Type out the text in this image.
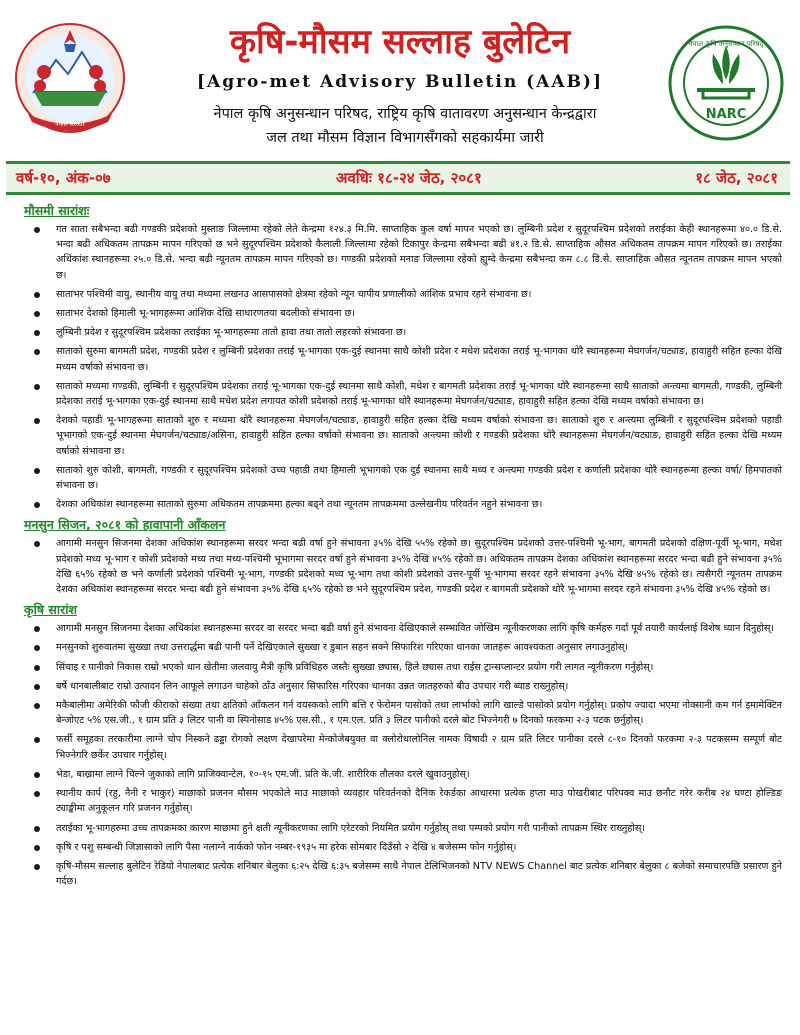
नेपाल सरकार
कृषि-मौसम सल्लाह बुलेटिन
[Agro-met Advisory Bulletin (AAB)]
नेपाल कृषि अनुसन्धान परिषद, राष्ट्रिय कृषि वातावरण अनुसन्धान केन्द्रद्वारा
जल तथा मौसम विज्ञान विभागसँगको सहकार्यमा जारी
नेपाल कृषि अनुसन्धान परिषद्
NARC
वर्ष-१०, अंक-०७	अवधिः १८-२४ जेठ, २०८१	१८ जेठ, २०८१
मौसमी सारांशः
गत साता सबैभन्दा बढी गण्डकी प्रदेशको मुस्ताङ जिल्लामा रहेको लेते केन्द्रमा १२४.३ मि.मि. साप्ताहिक कुल वर्षा मापन भएको छ। लुम्बिनी प्रदेश र सुदूरपश्चिम प्रदेशको तराईका केही स्थानहरूमा ४०.० डि.से. भन्दा बढी अधिकतम तापक्रम मापन गरिएको छ भने सुदूरपश्चिम प्रदेशको कैलाली जिल्लामा रहेको टिकापुर केन्द्रमा सबैभन्दा बढी ४१.२ डि.से. साप्ताहिक औसत अधिकतम तापक्रम मापन गरिएको छ। तराईका अधिकांश स्थानहरूमा २५.० डि.से. भन्दा बढी न्यूनतम तापक्रम मापन गरिएको छ। गण्डकी प्रदेशको मनाङ जिल्लामा रहेको ह्युम्दे केन्द्रमा सबैभन्दा कम ८.८ डि.से. साप्ताहिक औसत न्यूनतम तापक्रम मापन भएको छ।
साताभर पश्चिमी वायु, स्थानीय वायु तथा मध्यमा लखनउ आसपासको क्षेत्रमा रहेको न्यून चापीय प्रणालीको आंशिक प्रभाव रहने संभावना छ।
साताभर देशको हिमाली भू-भागहरूमा आंशिक देखि साधारणतया बदलीको संभावना छ।
लुम्बिनी प्रदेश र सुदूरपश्चिम प्रदेशका तराईका भू-भागहरूमा तातो हावा तथा तातो लहरको संभावना छ।
साताको सुरुमा बागमती प्रदेश, गण्डकी प्रदेश र लुम्बिनी प्रदेशका तराई भू-भागका एक-दुई स्थानमा साथै कोशी प्रदेश र मधेश प्रदेशका तराई भू-भागका थोरै स्थानहरूमा मेघगर्जन/चट्याङ, हावाहुरी सहित हल्का देखि मध्यम वर्षाको संभावना छ।
साताको मध्यमा गण्डकी, लुम्बिनी र सुदूरपश्चिम प्रदेशका तराई भू-भागका एक-दुई स्थानमा साथै कोशी, मधेश र बागमती प्रदेशका तराई भू-भागका थोरै स्थानहरूमा साथै साताको अन्त्यमा बागमती, गण्डकी, लुम्बिनी प्रदेशका तराई भू-भागका एक-दुई स्थानमा साथै मधेश प्रदेश लगायत कोशी प्रदेशको तराई भू-भागका थोरै स्थानहरूमा मेघगर्जन/चट्याङ, हावाहुरी सहित हल्का देखि मध्यम वर्षाको संभावना छ।
देशको पहाडी भू-भागहरूमा साताको शुरु र मध्यमा थोरै स्थानहरूमा मेघगर्जन/चट्याङ, हावाहुरी सहित हल्का देखि मध्यम वर्षाको संभावना छ। साताको शुरु र अन्त्यमा लुम्बिनी र सुदूरपश्चिम प्रदेशको पहाडी भूभागको एक-दुई स्थानमा मेघगर्जन/चट्याङ/असिना, हावाहुरी सहित हल्का वर्षाको संभावना छ। साताको अन्त्यमा कोशी र गण्डकी प्रदेशका थोरै स्थानहरूमा मेघगर्जन/चट्याङ, हावाहुरी सहित हल्का देखि मध्यम वर्षाको संभावना छ।
साताको शुरु कोशी, बागमती, गण्डकी र सुदूरपश्चिम प्रदेशको उच्च पहाडी तथा हिमाली भूभागको एक दुई स्थानमा साथै मध्य र अन्त्यमा गण्डकी प्रदेश र कर्णाली प्रदेशका थोरै स्थानहरूमा हल्का वर्षा/ हिमपातको संभावना छ।
देशका अधिकांश स्थानहरूमा साताको सुरुमा अधिकतम तापक्रममा हल्का बढ्ने तथा न्यूनतम तापक्रममा उल्लेखनीय परिवर्तन नहुने संभावना छ।
मनसुन सिजन, २०८१ को हावापानी आँकलन
आगामी मनसुन सिजनमा देशका अधिकांश स्थानहरूमा सरदर भन्दा बढी वर्षा हुने संभावना ३५% देखि ५५% रहेको छ। सुदूरपश्चिम प्रदेशको उत्तर-पश्चिमी भू-भाग, बागमती प्रदेशको दक्षिण-पूर्वी भू-भाग, मधेश प्रदेशको मध्य भू-भाग र कोशी प्रदेशको मध्य तथा मध्य-पश्चिमी भूभागमा सरदर वर्षा हुने संभावना ३५% देखि ४५% रहेको छ। अधिकतम तापक्रम देशका अधिकांश स्थानहरूमा सरदर भन्दा बढी हुने संभावना ३५% देखि ६५% रहेको छ भने कर्णाली प्रदेशको पश्चिमी भू-भाग, गण्डकी प्रदेशको मध्य भू-भाग तथा कोशी प्रदेशको उत्तर-पूर्वी भू-भागमा सरदर रहने संभावना ३५% देखि ४५% रहेको छ। त्यसैगरी न्यूनतम तापक्रम देशका अधिकांश स्थानहरूमा सरदर भन्दा बढी हुने संभावना ३५% देखि ६५% रहेको छ भने सुदूरपश्चिम प्रदेश, गण्डकी प्रदेश र बागमती प्रदेशको थोरै भू-भागमा सरदर रहने संभावना ३५% देखि ४५% रहेको छ।
कृषि सारांश
आगामी मनसुन सिजनमा देशका अधिकांश स्थानहरूमा सरदर वा सरदर भन्दा बढी वर्षा हुने संभावना देखिएकाले सम्भावित जोखिम न्यूनीकरणका लागि कृषि कर्महरु गर्दा पूर्व तयारी कार्यलाई विशेष ध्यान दिनुहोस्।
मनसुनको शुरुवातमा सुख्खा तथा उत्तरार्द्धमा बढी पानी पर्ने देखिएकाले सुख्खा र डुबान सहन सक्ने सिफारिश गरिएका धानका जातहरू आवश्यकता अनुसार लगाउनुहोस्।
सिंचाइ र पानीको निकास राम्रो भएको धान खेतीमा जलवायु मैत्री कृषि प्रविधिहरु जस्तैः सुख्खा छ्यास, हिले छ्यास तथा राईस ट्रान्सप्लान्टर प्रयोग गरी लागत न्यूनीकरण गर्नुहोस्।
बर्षे धानबालीबाट राम्रो उत्पादन लिन आफूले लगाउन चाहेको ठाँउ अनुसार सिफारिस गरिएका धानका उन्नत जातहरुको बीउ उपचार गरी ब्याड राख्नुहोस्।
मकैबालीमा अमेरिकी फौजी कीराको संख्या तथा क्षतिको आँकलन गर्न वयस्कको लागि बत्ति र फेरोमन पासोको तथा लार्भाको लागि खाल्डे पासोको प्रयोग गर्नुहोस्। प्रकोप ज्यादा भएमा नोक्सानी कम गर्न इमामेक्टिन बेन्जोएट ५% एस.जी., १ ग्राम प्रति ३ लिटर पानी वा स्पिनोसाड ४५% एस.सी., १ एम.एल. प्रति ३ लिटर पानीको दरले बोट भिज्नेगरी ७ दिनको फरकमा २-३ पटक छर्नुहोस्।
फर्सी समूहका तरकारीमा लाग्ने चोप निस्कने ढड्डा रोगको लक्षण देखापरेमा मेन्कोजेबयुक्त वा क्लोरोथालोनिल नामक विषादी २ ग्राम प्रति लिटर पानीका दरले ८-१० दिनको फरकमा २-३ पटकसम्म सम्पूर्ण बोट भिज्नेगरि छर्केर उपचार गर्नुहोस्।
भेडा, बाख्रामा लाग्ने चिल्ने जुकाको लागि प्राजिक्वान्टेल, १०-१५ एम.जी. प्रति के.जी. शारीरिक तौलका दरले खुवाउनुहोस्।
स्थानीय कार्प (रहु, नैनी र भाकुर) माछाको प्रजनन मौसम भएकोले माउ माछाको व्यवहार परिवर्तनको दैनिक रेकर्डका आधारमा प्रत्येक हप्ता माउ पोखरीबाट परिपक्व माउ छनौट गरेर करीब २४ घण्टा होल्डिङ ट्याङ्कीमा अनुकूलन गरि प्रजनन गर्नुहोस्।
तराईका भू-भागहरुमा उच्च तापक्रमका कारण माछामा हुने क्षती न्यूनीकरणका लागि एरेटरको नियमित प्रयोग गर्नुहोस् तथा पम्पको प्रयोग गरी पानीको तापक्रम स्थिर राख्नुहोस्।
कृषि र पशु सम्बन्धी जिज्ञासाको लागि पैसा नलाग्ने नार्कको फोन नम्बर-१९३५ मा हरेक सोमबार दिउँसो २ देखि ४ बजेसम्म फोन गर्नुहोस्।
कृषि-मौसम सल्लाह बुलेटिन रेडियो नेपालबाट प्रत्येक शनिबार बेलुका ६:२५ देखि ६:३५ बजेसम्म साथै नेपाल टेलिभिजनको NTV NEWS Channel बाट प्रत्येक शनिबार बेलुका ८ बजेको समाचारपछि प्रसारण हुने गर्दछ।
